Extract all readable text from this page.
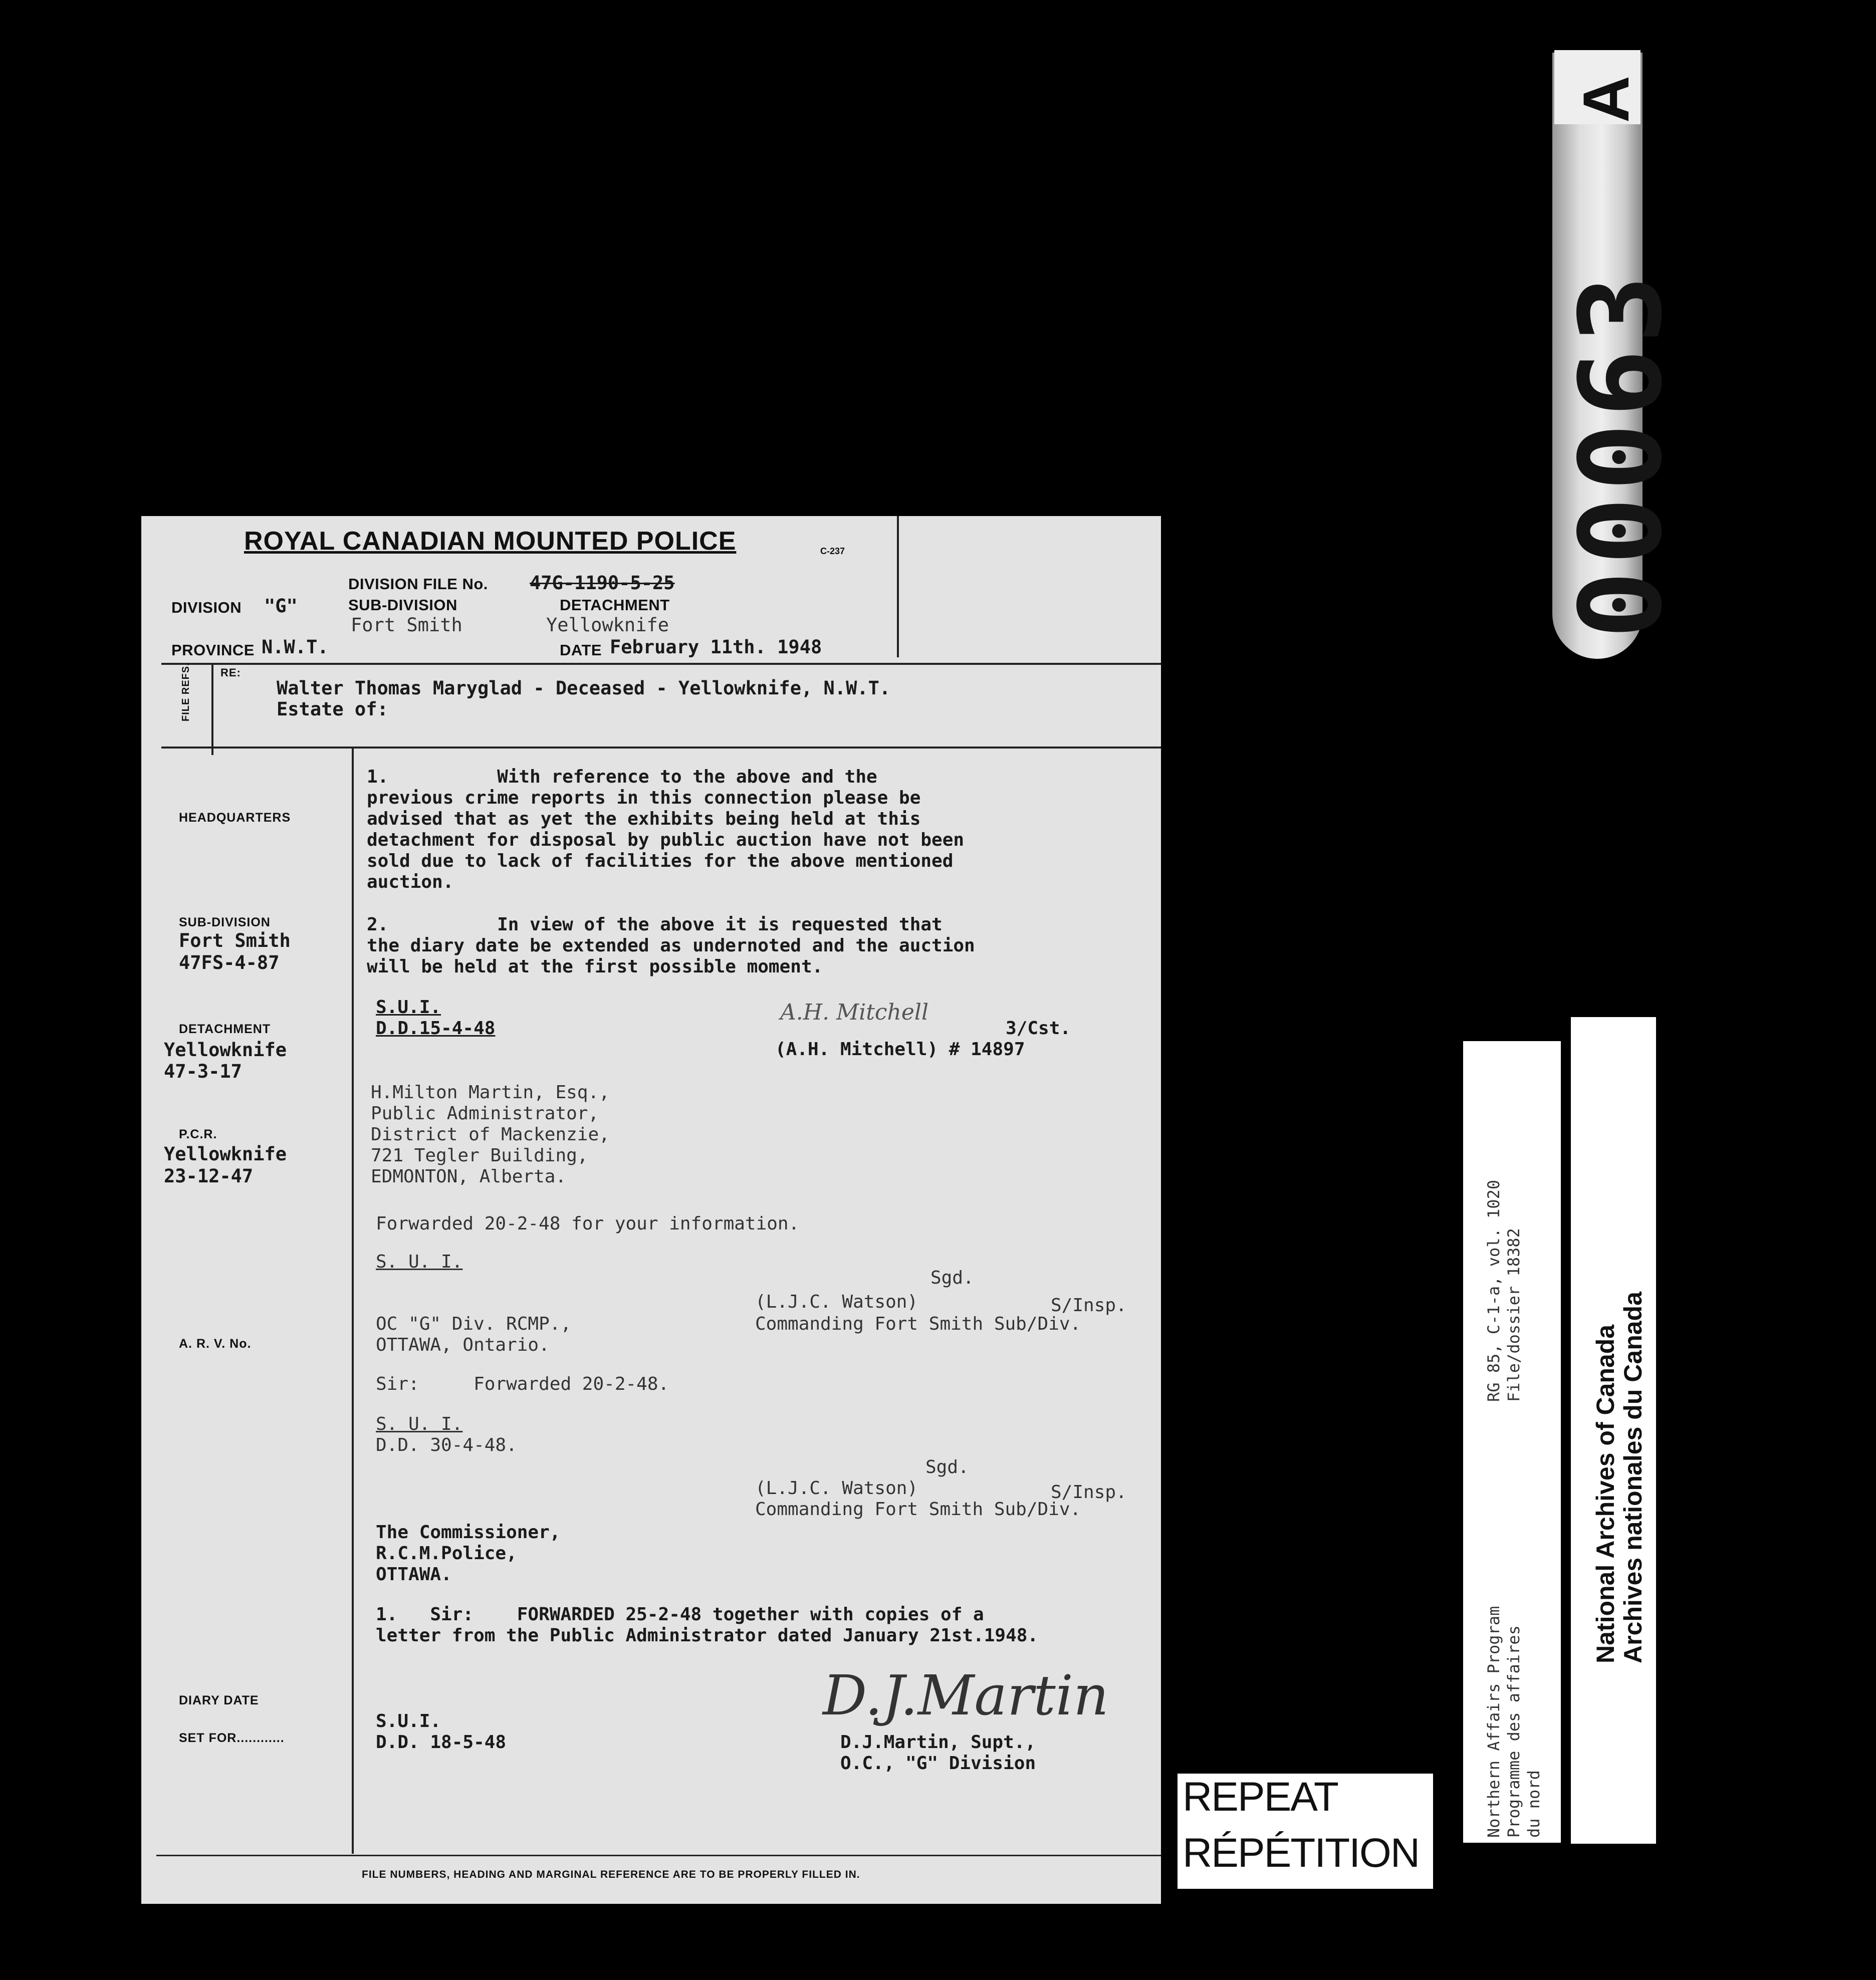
ROYAL CANADIAN MOUNTED POLICE	C-237
DIVISION "G"
DIVISION FILE No. 47G-1190-5-25
SUB-DIVISION
Fort Smith
DETACHMENT
Yellowknife
PROVINCE N.W.T.	DATE February 11th. 1948
FILE REFS.	RE:
Walter Thomas Maryglad - Deceased - Yellowknife, N.W.T.
Estate of:
HEADQUARTERS
SUB-DIVISION
Fort Smith
47FS-4-87
DETACHMENT
Yellowknife
47-3-17
P.C.R.
Yellowknife
23-12-47
A. R. V. No.
DIARY DATE
SET FOR............
1.          With reference to the above and the
previous crime reports in this connection please be
advised that as yet the exhibits being held at this
detachment for disposal by public auction have not been
sold due to lack of facilities for the above mentioned
auction.
2.          In view of the above it is requested that
the diary date be extended as undernoted and the auction
will be held at the first possible moment.
S.U.I.
D.D.15-4-48
A.H. Mitchell
3/Cst.
(A.H. Mitchell) # 14897
H.Milton Martin, Esq.,
Public Administrator,
District of Mackenzie,
721 Tegler Building,
EDMONTON, Alberta.
Forwarded 20-2-48 for your information.
S. U. I.
Sgd.
(L.J.C. Watson)	S/Insp.
Commanding Fort Smith Sub/Div.
OC "G" Div. RCMP.,
OTTAWA, Ontario.
Sir:     Forwarded 20-2-48.
S. U. I.
D.D. 30-4-48.
Sgd.
(L.J.C. Watson)	S/Insp.
Commanding Fort Smith Sub/Div.
The Commissioner,
R.C.M.Police,
OTTAWA.
1.   Sir:    FORWARDED 25-2-48 together with copies of a
letter from the Public Administrator dated January 21st.1948.
S.U.I.
D.D. 18-5-48
D.J.Martin
D.J.Martin, Supt.,
O.C., "G" Division
FILE NUMBERS, HEADING AND MARGINAL REFERENCE ARE TO BE PROPERLY FILLED IN.
REPEAT
RÉPÉTITION
Northern Affairs Program Programme des affaires du nord
RG 85, C-1-a, vol. 1020 File/dossier 18382
National Archives of Canada Archives nationales du Canada
A
00063
